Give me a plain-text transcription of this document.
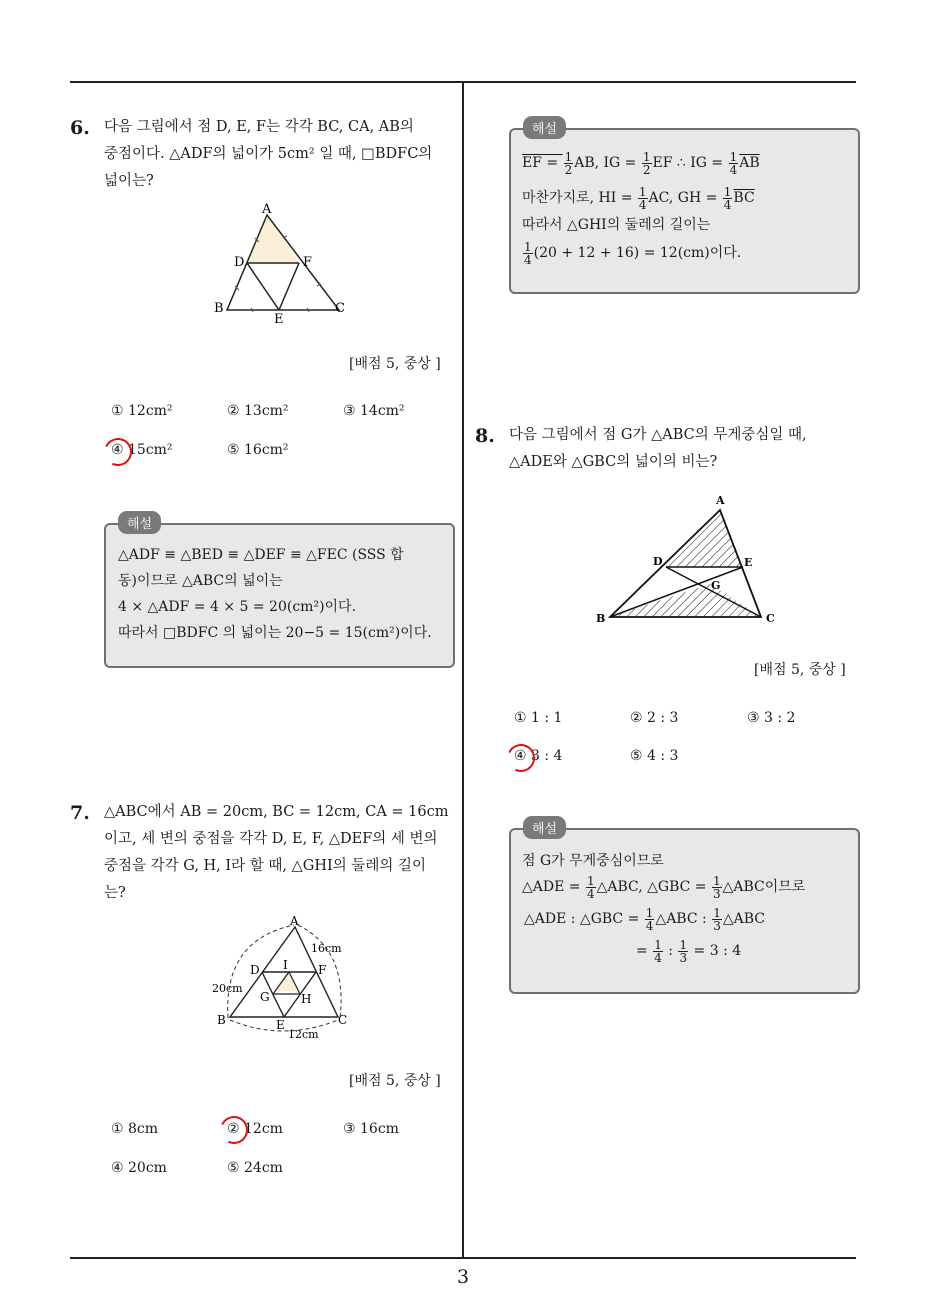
3
6. 다음 그림에서 점 D, E, F는 각각 BC, CA, AB의
중점이다. △ADF의 넓이가 5cm² 일 때, □BDFC의
넓이는?
A
D	F
B
E
C
[배점 5, 중상 ]
① 12cm²	② 13cm²	③ 14cm²
④ 15cm²	⑤ 16cm²
해설
△ADF ≡ △BED ≡ △DEF ≡ △FEC (SSS 합
동)이므로 △ABC의 넓이는
4 × △ADF = 4 × 5 = 20(cm²)이다.
따라서 □BDFC 의 넓이는 20−5 = 15(cm²)이다.
7. △ABC에서 AB = 20cm, BC = 12cm, CA = 16cm
이고, 세 변의 중점을 각각 D, E, F, △DEF의 세 변의
중점을 각각 G, H, I라 할 때, △GHI의 둘레의 길이
는?
A
16cm
D I	F
20cm
G	H
B	E	C
12cm
[배점 5, 중상 ]
① 8cm	② 12cm	③ 16cm
④ 20cm	⑤ 24cm
해설
EF = $\frac{1}{2}$ AB, IG = $\frac{1}{2}$ EF ∴ IG = $\frac{1}{4} \overline{AB}$
마찬가지로, HI = $\frac{1}{4}$ AC, GH = $\frac{1}{4} \overline{BC}$
따라서 △GHI의 둘레의 길이는
$\frac{1}{4} (20 + 12 + 16) = 12(cm)$이다.
8. 다음 그림에서 점 G가 △ABC의 무게중심일 때,
△ADE와 △GBC의 넓이의 비는?
A
D	E
G
B	C
[배점 5, 중상 ]
① 1 : 1	② 2 : 3	③ 3 : 2
④ 3 : 4	⑤ 4 : 3
해설
점 G가 무게중심이므로
△ADE = $\frac{1}{4}$ △ABC, △GBC = $\frac{1}{3}$ △ABC이므로
△ADE : △GBC = $\frac{1}{4}$ △ABC : $\frac{1}{3}$ △ABC
= $\frac{1}{4}$ : $\frac{1}{3} = 3$ : 4
